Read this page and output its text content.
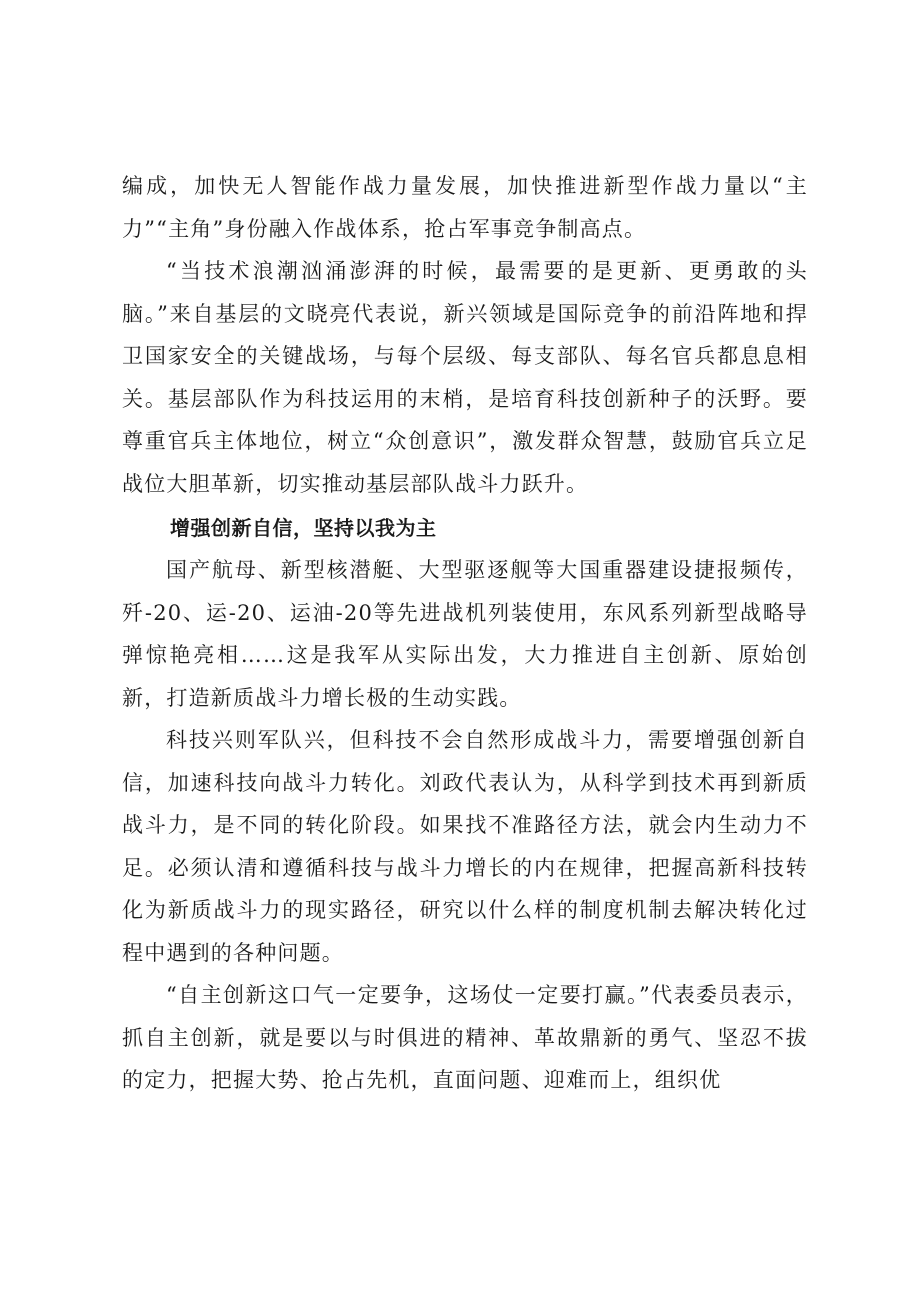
编成，加快无人智能作战力量发展，加快推进新型作战力量以“主力”“主角”身份融入作战体系，抢占军事竞争制高点。

“当技术浪潮汹涌澎湃的时候，最需要的是更新、更勇敢的头脑。”来自基层的文晓亮代表说，新兴领域是国际竞争的前沿阵地和捍卫国家安全的关键战场，与每个层级、每支部队、每名官兵都息息相关。基层部队作为科技运用的末梢，是培育科技创新种子的沃野。要尊重官兵主体地位，树立“众创意识”，激发群众智慧，鼓励官兵立足战位大胆革新，切实推动基层部队战斗力跃升。

增强创新自信，坚持以我为主

国产航母、新型核潜艇、大型驱逐舰等大国重器建设捷报频传，歼-20、运-20、运油-20等先进战机列装使用，东风系列新型战略导弹惊艳亮相……这是我军从实际出发，大力推进自主创新、原始创新，打造新质战斗力增长极的生动实践。

科技兴则军队兴，但科技不会自然形成战斗力，需要增强创新自信，加速科技向战斗力转化。刘政代表认为，从科学到技术再到新质战斗力，是不同的转化阶段。如果找不准路径方法，就会内生动力不足。必须认清和遵循科技与战斗力增长的内在规律，把握高新科技转化为新质战斗力的现实路径，研究以什么样的制度机制去解决转化过程中遇到的各种问题。

“自主创新这口气一定要争，这场仗一定要打赢。”代表委员表示，抓自主创新，就是要以与时俱进的精神、革故鼎新的勇气、坚忍不拔的定力，把握大势、抢占先机，直面问题、迎难而上，组织优
